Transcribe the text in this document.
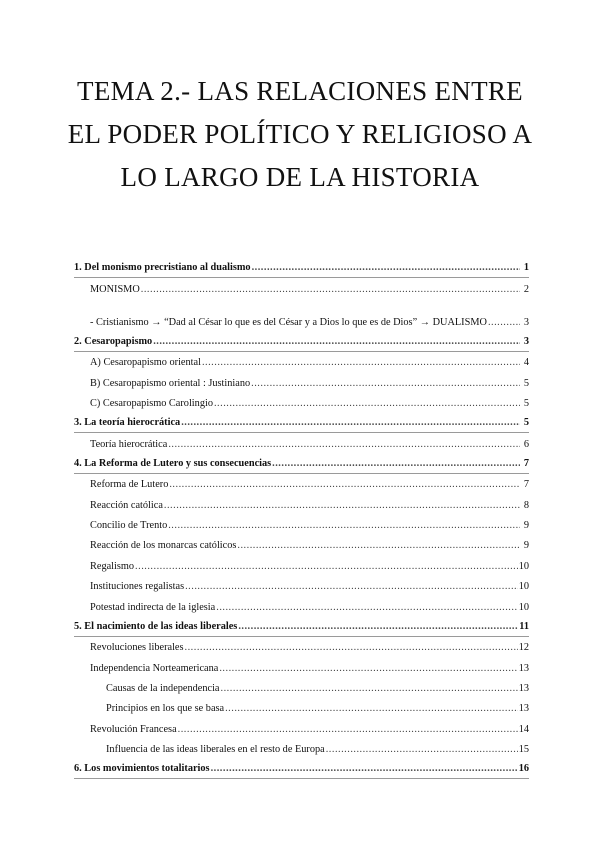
TEMA 2.- LAS RELACIONES ENTRE EL PODER POLÍTICO Y RELIGIOSO A LO LARGO DE LA HISTORIA
1. Del monismo precristiano al dualismo .....	1
MONISMO .....	2
- Cristianismo → “Dad al César lo que es del César y a Dios lo que es de Dios” → DUALISMO .....	3
2. Cesaropapismo .....	3
A) Cesaropapismo oriental .....	4
B) Cesaropapismo oriental : Justiniano .....	5
C) Cesaropapismo Carolingio .....	5
3. La teoría hierocrática .....	5
Teoría hierocrática .....	6
4. La Reforma de Lutero y sus consecuencias .....	7
Reforma de Lutero .....	7
Reacción católica .....	8
Concilio de Trento .....	9
Reacción de los monarcas católicos .....	9
Regalismo .....	10
Instituciones regalistas .....	10
Potestad indirecta de la iglesia .....	10
5. El nacimiento de las ideas liberales .....	11
Revoluciones liberales .....	12
Independencia Norteamericana .....	13
Causas de la independencia .....	13
Principios en los que se basa .....	13
Revolución Francesa .....	14
Influencia de las ideas liberales en el resto de Europa .....	15
6. Los movimientos totalitarios .....	16
